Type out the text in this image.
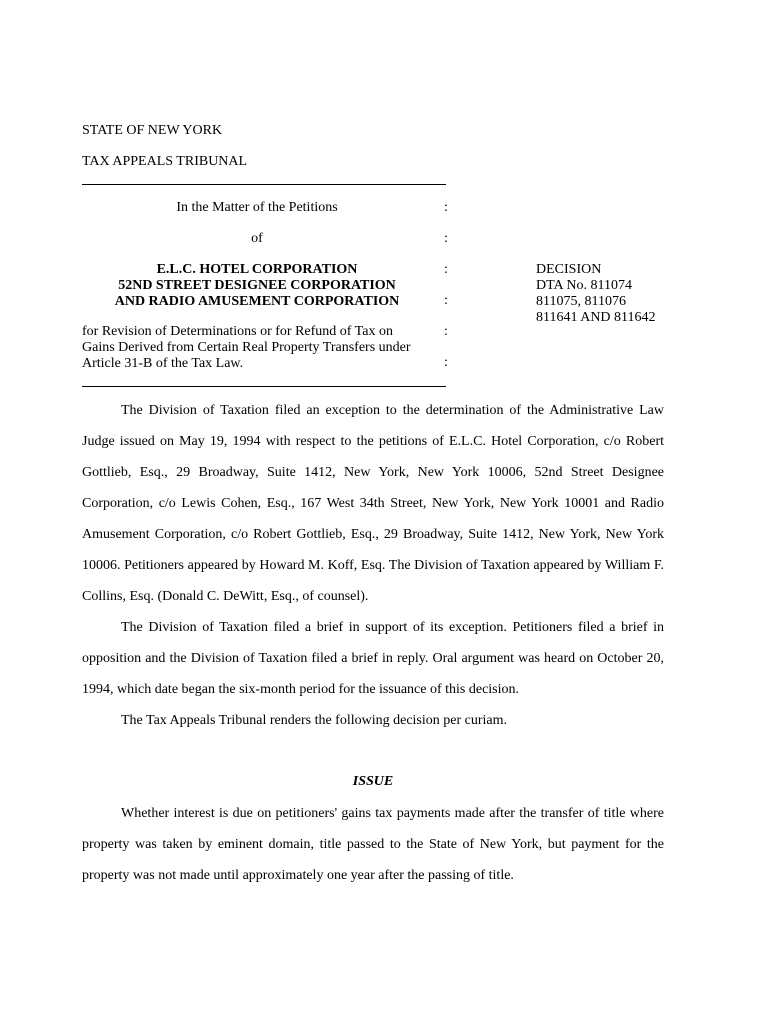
STATE OF NEW YORK
TAX APPEALS TRIBUNAL
In the Matter of the Petitions	:
of	:
E.L.C. HOTEL CORPORATION
52ND STREET DESIGNEE CORPORATION
AND RADIO AMUSEMENT CORPORATION
:
:
for Revision of Determinations or for Refund of Tax on
Gains Derived from Certain Real Property Transfers under
Article 31-B of the Tax Law.
:
:
DECISION
DTA No. 811074
811075, 811076
811641 AND 811642

The Division of Taxation filed an exception to the determination of the Administrative Law Judge issued on May 19, 1994 with respect to the petitions of E.L.C. Hotel Corporation, c/o Robert Gottlieb, Esq., 29 Broadway, Suite 1412, New York, New York 10006, 52nd Street Designee Corporation, c/o Lewis Cohen, Esq., 167 West 34th Street, New York, New York 10001 and Radio Amusement Corporation, c/o Robert Gottlieb, Esq., 29 Broadway, Suite 1412, New York, New York 10006. Petitioners appeared by Howard M. Koff, Esq. The Division of Taxation appeared by William F. Collins, Esq. (Donald C. DeWitt, Esq., of counsel).

The Division of Taxation filed a brief in support of its exception. Petitioners filed a brief in opposition and the Division of Taxation filed a brief in reply. Oral argument was heard on October 20, 1994, which date began the six-month period for the issuance of this decision.

The Tax Appeals Tribunal renders the following decision per curiam.

ISSUE

Whether interest is due on petitioners' gains tax payments made after the transfer of title where property was taken by eminent domain, title passed to the State of New York, but payment for the property was not made until approximately one year after the passing of title.
